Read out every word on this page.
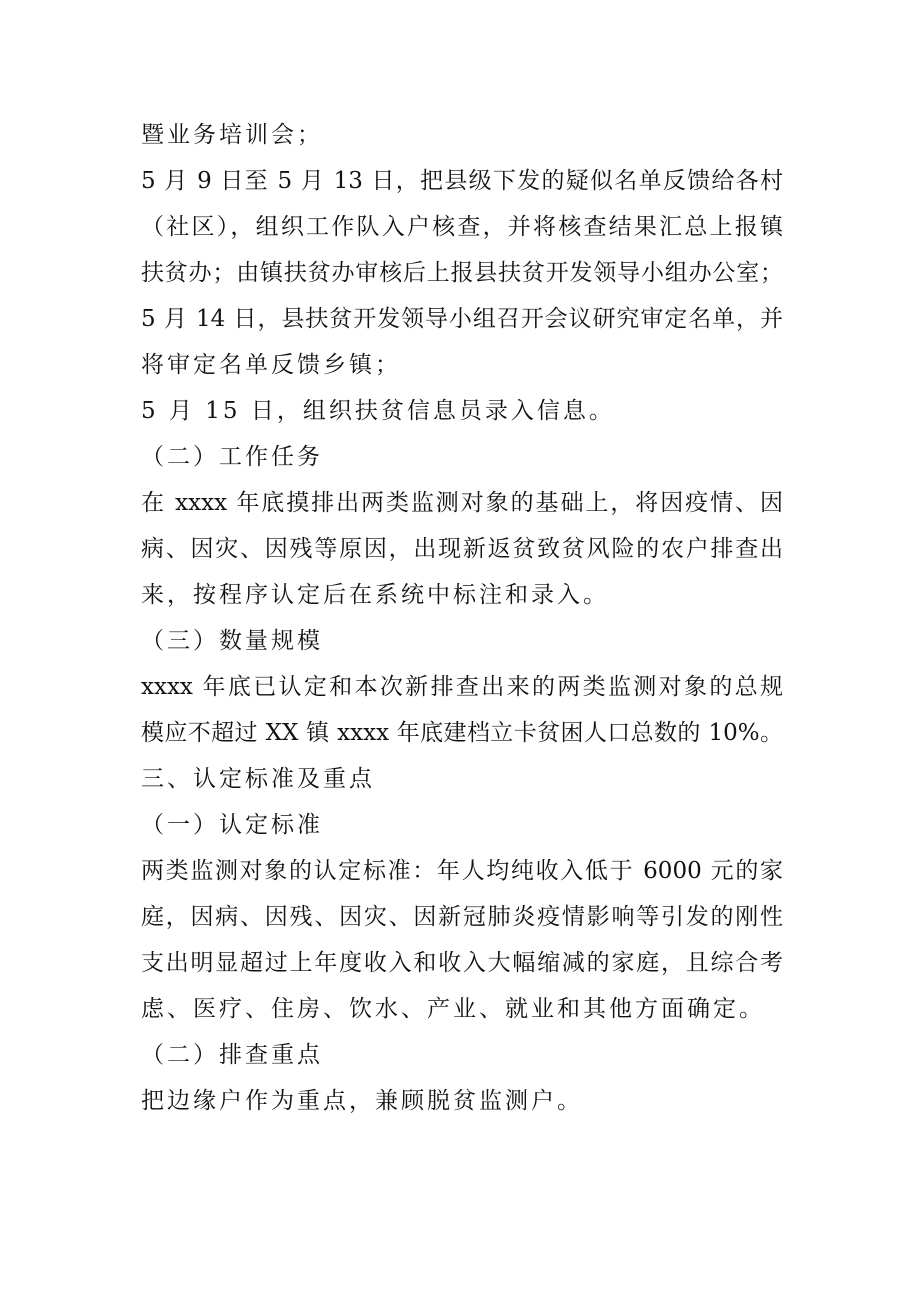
暨业务培训会；
5 月 9 日至 5 月 13 日，把县级下发的疑似名单反馈给各村
（社区），组织工作队入户核查，并将核查结果汇总上报镇
扶贫办；由镇扶贫办审核后上报县扶贫开发领导小组办公室；
5 月 14 日，县扶贫开发领导小组召开会议研究审定名单，并
将审定名单反馈乡镇；
5 月 15 日，组织扶贫信息员录入信息。
（二）工作任务
在 xxxx 年底摸排出两类监测对象的基础上，将因疫情、因
病、因灾、因残等原因，出现新返贫致贫风险的农户排查出
来，按程序认定后在系统中标注和录入。
（三）数量规模
xxxx 年底已认定和本次新排查出来的两类监测对象的总规
模应不超过 XX 镇 xxxx 年底建档立卡贫困人口总数的 10%。
三、认定标准及重点
（一）认定标准
两类监测对象的认定标准：年人均纯收入低于 6000 元的家
庭，因病、因残、因灾、因新冠肺炎疫情影响等引发的刚性
支出明显超过上年度收入和收入大幅缩减的家庭，且综合考
虑、医疗、住房、饮水、产业、就业和其他方面确定。
（二）排查重点
把边缘户作为重点，兼顾脱贫监测户。
